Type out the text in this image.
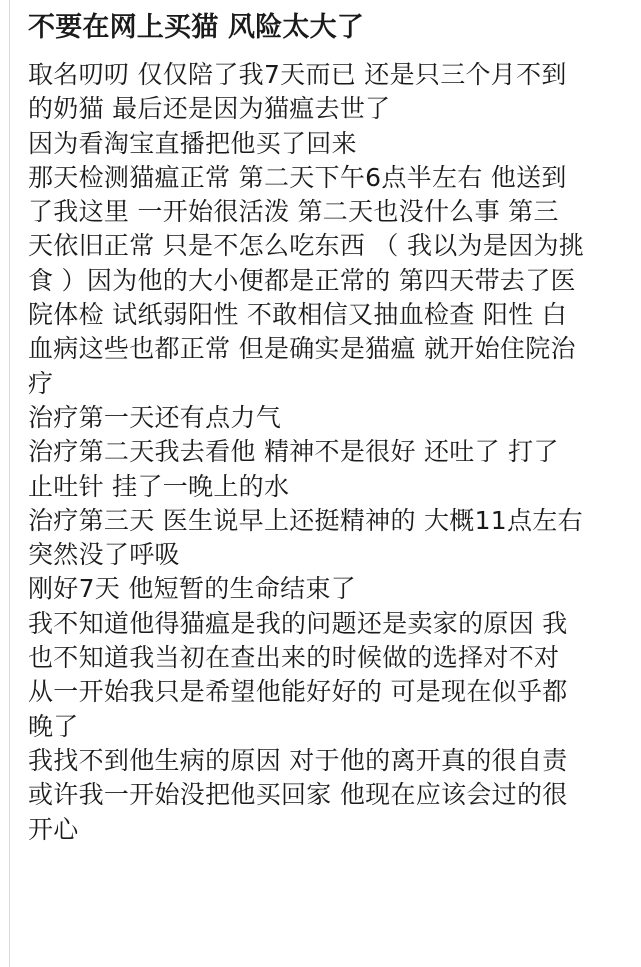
不要在网上买猫 风险太大了
取名叨叨 仅仅陪了我7天而已 还是只三个月不到
的奶猫 最后还是因为猫瘟去世了
因为看淘宝直播把他买了回来
那天检测猫瘟正常 第二天下午6点半左右 他送到
了我这里 一开始很活泼 第二天也没什么事 第三
天依旧正常 只是不怎么吃东西 （ 我以为是因为挑
食 ）因为他的大小便都是正常的 第四天带去了医
院体检 试纸弱阳性 不敢相信又抽血检查 阳性 白
血病这些也都正常 但是确实是猫瘟 就开始住院治
疗
治疗第一天还有点力气
治疗第二天我去看他 精神不是很好 还吐了 打了
止吐针 挂了一晚上的水
治疗第三天 医生说早上还挺精神的 大概11点左右
突然没了呼吸
刚好7天 他短暂的生命结束了
我不知道他得猫瘟是我的问题还是卖家的原因 我
也不知道我当初在查出来的时候做的选择对不对
从一开始我只是希望他能好好的 可是现在似乎都
晚了
我找不到他生病的原因 对于他的离开真的很自责
或许我一开始没把他买回家 他现在应该会过的很
开心
